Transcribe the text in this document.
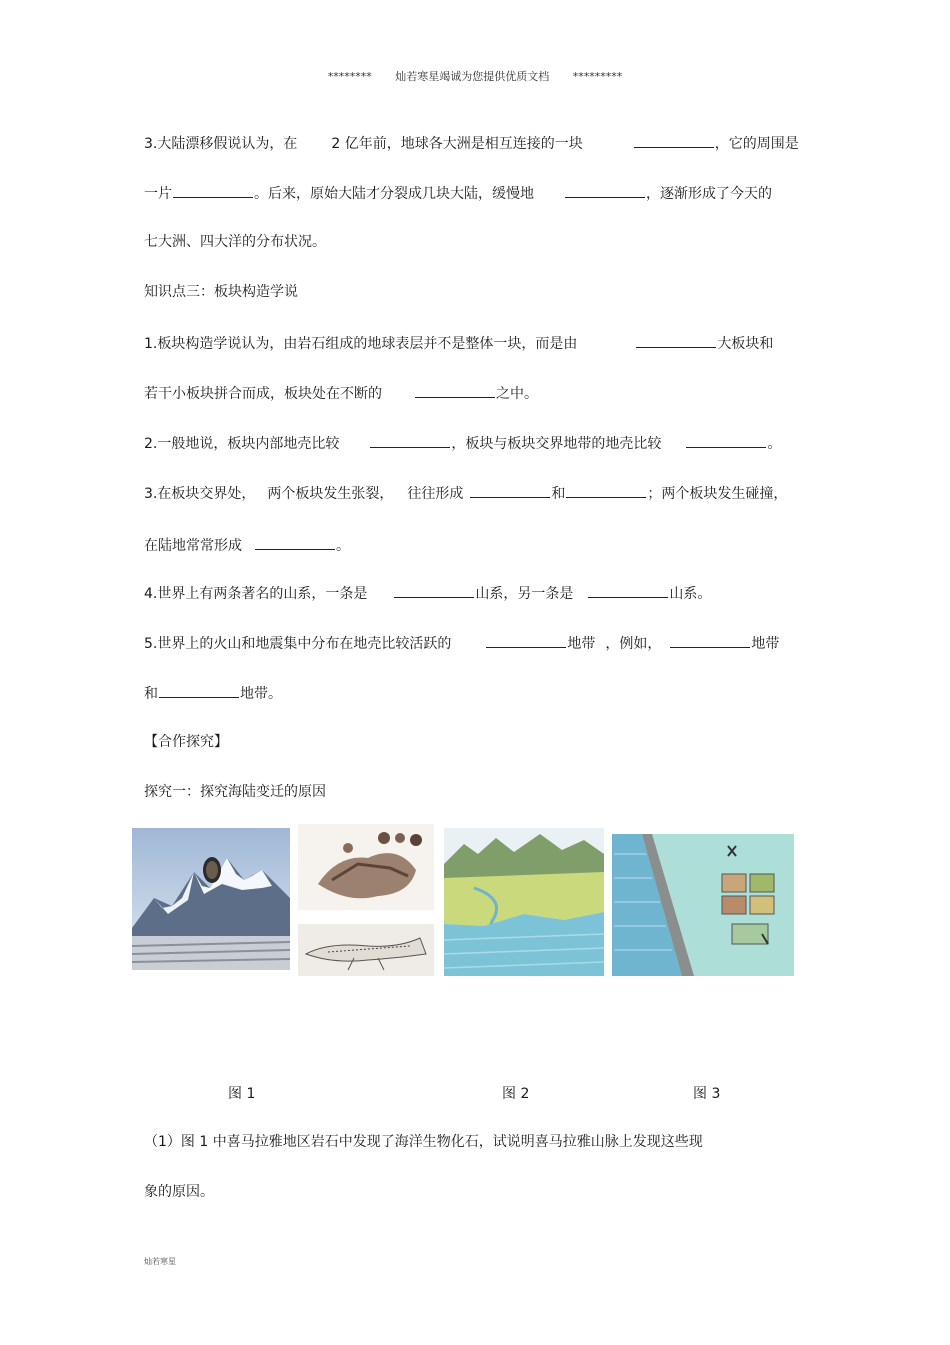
******** 灿若寒星竭诚为您提供优质文档 *********
3.大陆漂移假说认为，在 2 亿年前，地球各大洲是相互连接的一块	，它的周围是
一片	。后来，原始大陆才分裂成几块大陆，缓慢地	，逐渐形成了今天的
七大洲、四大洋的分布状况。
知识点三：板块构造学说
1.板块构造学说认为，由岩石组成的地球表层并不是整体一块，而是由	大板块和
若干小板块拼合而成，板块处在不断的	之中。
2.一般地说，板块内部地壳比较	，板块与板块交界地带的地壳比较	。
3.在板块交界处， 两个板块发生张裂， 往往形成	和	；两个板块发生碰撞，
在陆地常常形成	。
4.世界上有两条著名的山系，一条是	山系，另一条是	山系。
5.世界上的火山和地震集中分布在地壳比较活跃的	地带 ，例如，	地带
和	地带。
【合作探究】
探究一：探究海陆变迁的原因
图 1	图 2	图 3
（1）图 1 中喜马拉雅地区岩石中发现了海洋生物化石，试说明喜马拉雅山脉上发现这些现
象的原因。
灿若寒星
